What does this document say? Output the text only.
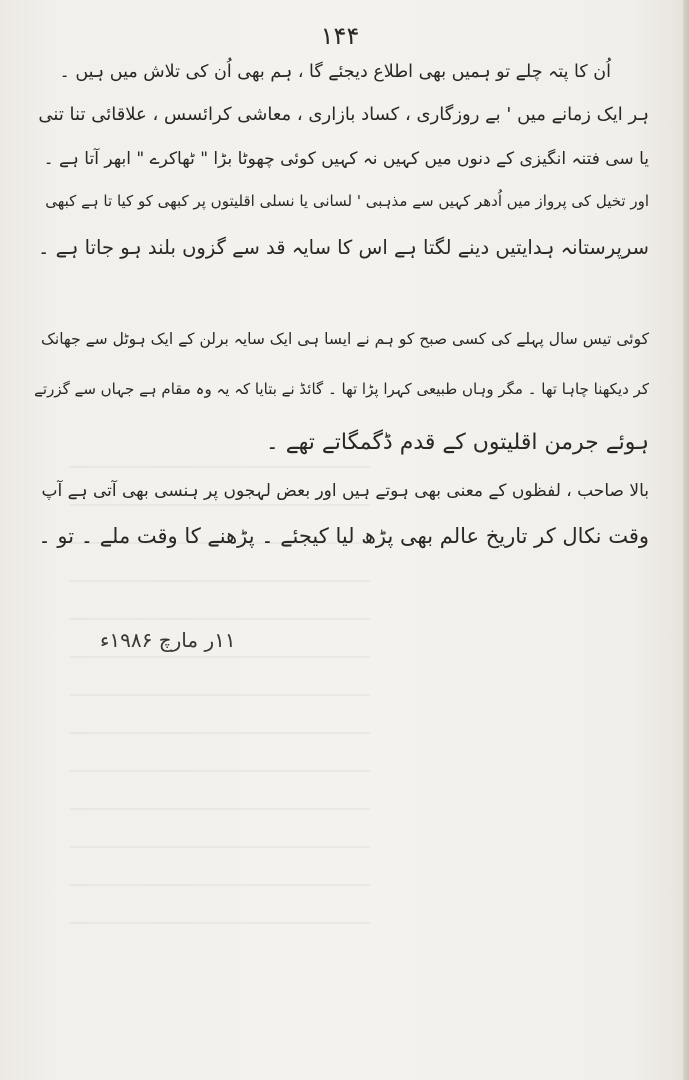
۱۴۴
اُن کا پتہ چلے تو ہمیں بھی اطلاع دیجئے گا ، ہم بھی اُن کی تلاش میں ہیں ۔
ہر ایک زمانے میں ' بے روزگاری ، کساد بازاری ، معاشی کرائسس ، علاقائی تنا تنی
یا سی فتنہ انگیزی کے دنوں میں کہیں نہ کہیں کوئی چھوٹا بڑا " ٹھاکرے " ابھر آتا ہے ۔
اور تخیل کی پرواز میں اُدھر کہیں سے مذہبی ' لسانی یا نسلی اقلیتوں پر کبھی کو کیا تا ہے کبھی
سرپرستانہ ہدایتیں دینے لگتا ہے اس کا سایہ قد سے گزوں بلند ہو جاتا ہے ۔
کوئی تیس سال پہلے کی کسی صبح کو ہم نے ایسا ہی ایک سایہ برلن کے ایک ہوٹل سے جھانک
کر دیکھنا چاہا تھا ۔ مگر وہاں طبیعی کہرا پڑا تھا ۔ گائڈ نے بتایا کہ یہ وہ مقام ہے جہاں سے گزرتے
ہوئے جرمن اقلیتوں کے قدم ڈگمگاتے تھے ۔
بالا صاحب ، لفظوں کے معنی بھی ہوتے ہیں اور بعض لہجوں پر ہنسی بھی آتی ہے آپ
وقت نکال کر تاریخ عالم بھی پڑھ لیا کیجئے ۔ پڑھنے کا وقت ملے ۔ تو ۔
۱۱ر مارچ ۱۹۸۶ء
